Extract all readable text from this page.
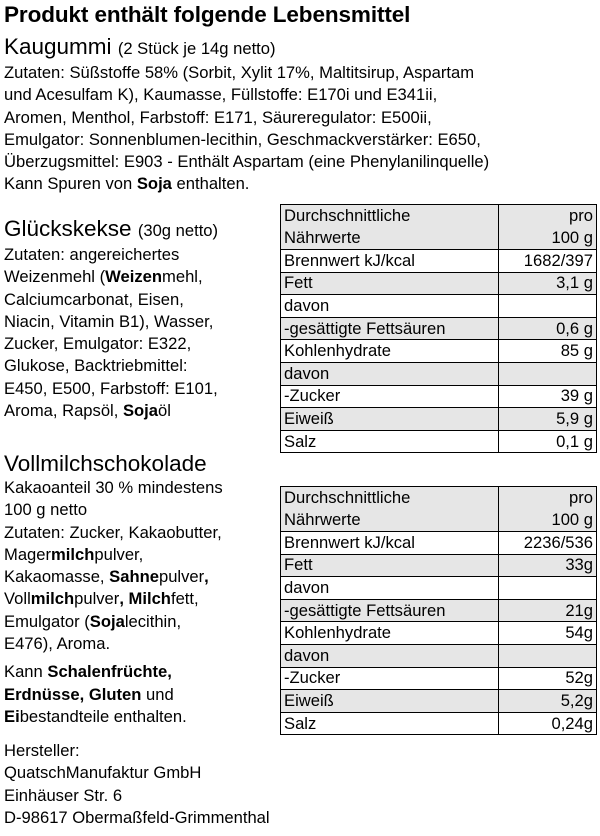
Produkt enthält folgende Lebensmittel
Kaugummi (2 Stück je 14g netto)
Zutaten: Süßstoffe 58% (Sorbit, Xylit 17%, Maltitsirup, Aspartam
und Acesulfam K), Kaumasse, Füllstoffe: E170i und E341ii,
Aromen, Menthol, Farbstoff: E171, Säureregulator: E500ii,
Emulgator: Sonnenblumen-lecithin, Geschmackverstärker: E650,
Überzugsmittel: E903 - Enthält Aspartam (eine Phenylanilinquelle)
Kann Spuren von Soja enthalten.
Glückskekse (30g netto)
Zutaten: angereichertes
Weizenmehl (Weizenmehl,
Calciumcarbonat, Eisen,
Niacin, Vitamin B1), Wasser,
Zucker, Emulgator: E322,
Glukose, Backtriebmittel:
E450, E500, Farbstoff: E101,
Aroma, Rapsöl, Sojaöl
Vollmilchschokolade
Kakaoanteil 30 % mindestens
100 g netto
Zutaten: Zucker, Kakaobutter,
Magermilchpulver,
Kakaomasse, Sahnepulver,
Vollmilchpulver, Milchfett,
Emulgator (Sojalecithin,
E476), Aroma.
Kann Schalenfrüchte,
Erdnüsse, Gluten und
Eibestandteile enthalten.
Durchschnittliche	pro
Nährwerte	100 g
Brennwert kJ/kcal	1682/397
Fett	3,1 g
davon	
-gesättigte Fettsäuren	0,6 g
Kohlenhydrate	85 g
davon	
-Zucker	39 g
Eiweiß	5,9 g
Salz	0,1 g
Durchschnittliche	pro
Nährwerte	100 g
Brennwert kJ/kcal	2236/536
Fett	33g
davon	
-gesättigte Fettsäuren	21g
Kohlenhydrate	54g
davon	
-Zucker	52g
Eiweiß	5,2g
Salz	0,24g
Hersteller:
QuatschManufaktur GmbH
Einhäuser Str. 6
D-98617 Obermaßfeld-Grimmenthal
